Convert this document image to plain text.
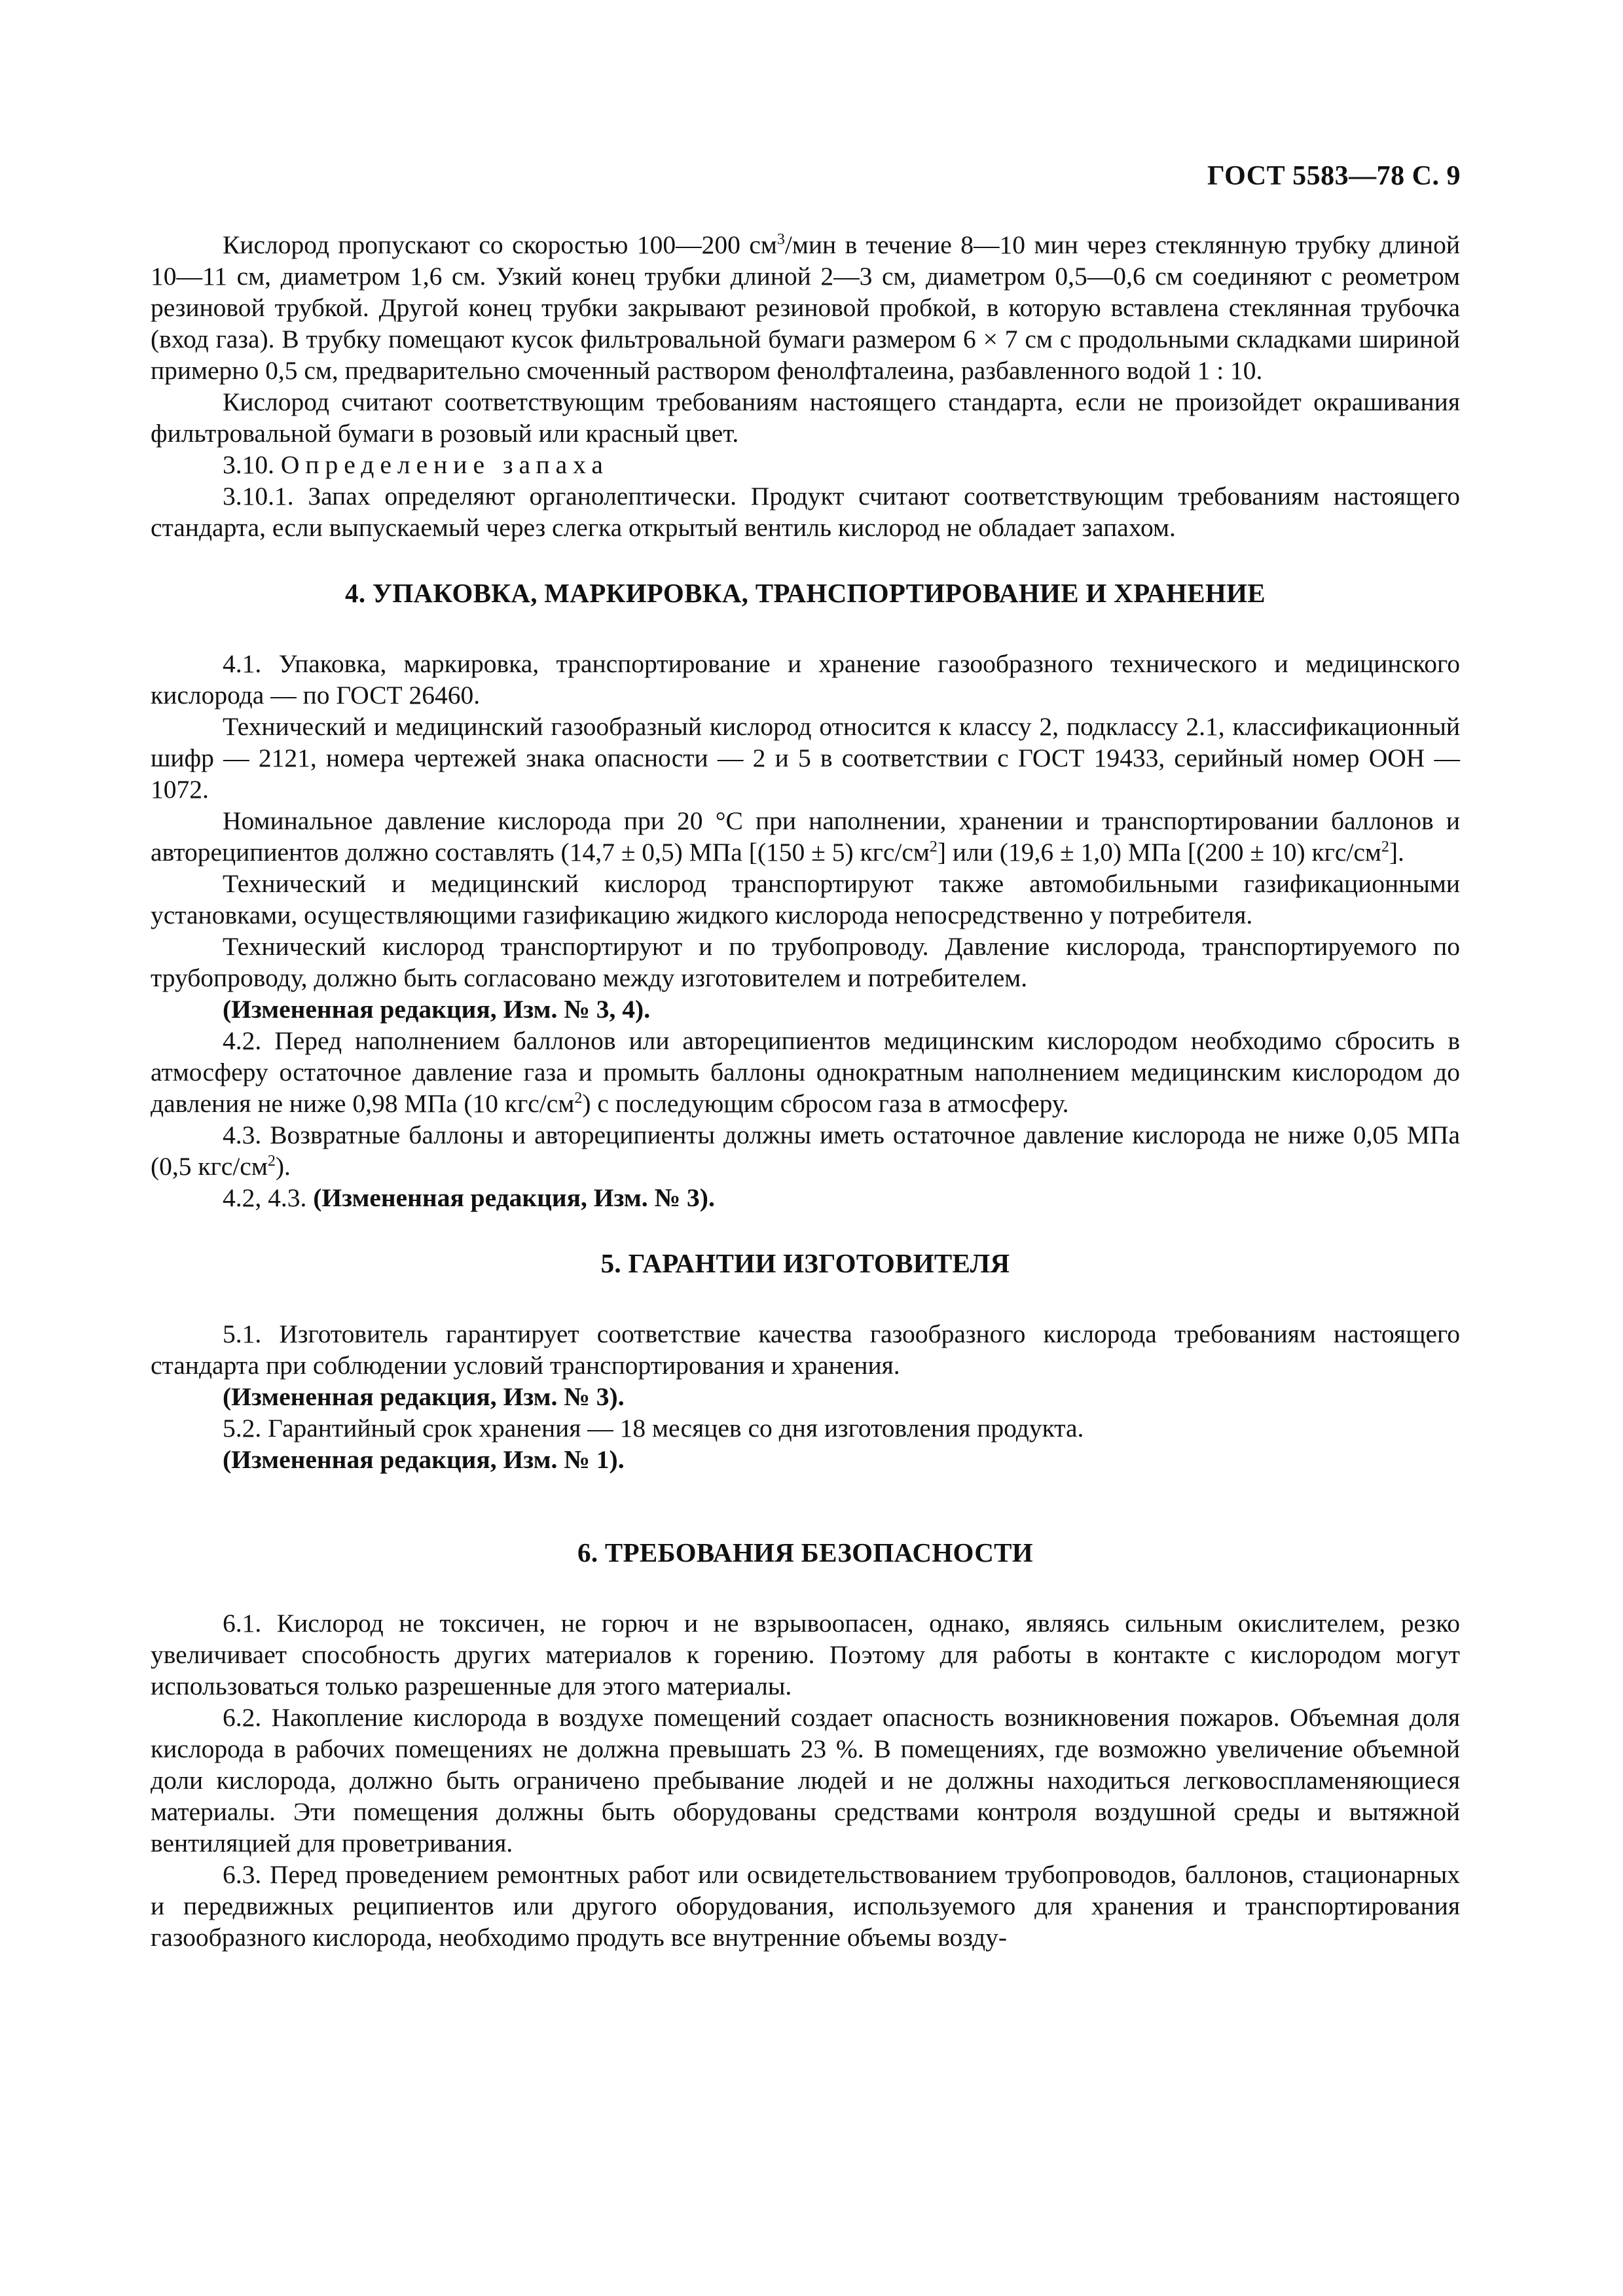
ГОСТ 5583—78 С. 9

Кислород пропускают со скоростью 100—200 $см^3$/мин в течение 8—10 мин через стеклянную трубку длиной 10—11 см, диаметром 1,6 см. Узкий конец трубки длиной 2—3 см, диаметром 0,5—0,6 см соединяют с реометром резиновой трубкой. Другой конец трубки закрывают резиновой пробкой, в которую вставлена стеклянная трубочка (вход газа). В трубку помещают кусок фильтровальной бумаги размером 6 × 7 см с продольными складками шириной примерно 0,5 см, предварительно смоченный раствором фенолфталеина, разбавленного водой 1 : 10.

Кислород считают соответствующим требованиям настоящего стандарта, если не произойдет окрашивания фильтровальной бумаги в розовый или красный цвет.

3.10. Определение запаха

3.10.1. Запах определяют органолептически. Продукт считают соответствующим требованиям настоящего стандарта, если выпускаемый через слегка открытый вентиль кислород не обладает запахом.

4. УПАКОВКА, МАРКИРОВКА, ТРАНСПОРТИРОВАНИЕ И ХРАНЕНИЕ

4.1. Упаковка, маркировка, транспортирование и хранение газообразного технического и медицинского кислорода — по ГОСТ 26460.

Технический и медицинский газообразный кислород относится к классу 2, подклассу 2.1, классификационный шифр — 2121, номера чертежей знака опасности — 2 и 5 в соответствии с ГОСТ 19433, серийный номер ООН — 1072.

Номинальное давление кислорода при 20 °С при наполнении, хранении и транспортировании баллонов и автореципиентов должно составлять (14,7 ± 0,5) МПа [(150 ± 5) кгс/$см^2$] или (19,6 ± 1,0) МПа [(200 ± 10) кгс/$см^2$].

Технический и медицинский кислород транспортируют также автомобильными газификационными установками, осуществляющими газификацию жидкого кислорода непосредственно у потребителя.

Технический кислород транспортируют и по трубопроводу. Давление кислорода, транспортируемого по трубопроводу, должно быть согласовано между изготовителем и потребителем.

(Измененная редакция, Изм. № 3, 4).

4.2. Перед наполнением баллонов или автореципиентов медицинским кислородом необходимо сбросить в атмосферу остаточное давление газа и промыть баллоны однократным наполнением медицинским кислородом до давления не ниже 0,98 МПа (10 кгс/$см^2$) с последующим сбросом газа в атмосферу.

4.3. Возвратные баллоны и автореципиенты должны иметь остаточное давление кислорода не ниже 0,05 МПа (0,5 кгс/$см^2$).

4.2, 4.3. (Измененная редакция, Изм. № 3).

5. ГАРАНТИИ ИЗГОТОВИТЕЛЯ

5.1. Изготовитель гарантирует соответствие качества газообразного кислорода требованиям настоящего стандарта при соблюдении условий транспортирования и хранения.

(Измененная редакция, Изм. № 3).

5.2. Гарантийный срок хранения — 18 месяцев со дня изготовления продукта.

(Измененная редакция, Изм. № 1).

6. ТРЕБОВАНИЯ БЕЗОПАСНОСТИ

6.1. Кислород не токсичен, не горюч и не взрывоопасен, однако, являясь сильным окислителем, резко увеличивает способность других материалов к горению. Поэтому для работы в контакте с кислородом могут использоваться только разрешенные для этого материалы.

6.2. Накопление кислорода в воздухе помещений создает опасность возникновения пожаров. Объемная доля кислорода в рабочих помещениях не должна превышать 23 %. В помещениях, где возможно увеличение объемной доли кислорода, должно быть ограничено пребывание людей и не должны находиться легковоспламеняющиеся материалы. Эти помещения должны быть оборудованы средствами контроля воздушной среды и вытяжной вентиляцией для проветривания.

6.3. Перед проведением ремонтных работ или освидетельствованием трубопроводов, баллонов, стационарных и передвижных реципиентов или другого оборудования, используемого для хранения и транспортирования газообразного кислорода, необходимо продуть все внутренние объемы возду-
